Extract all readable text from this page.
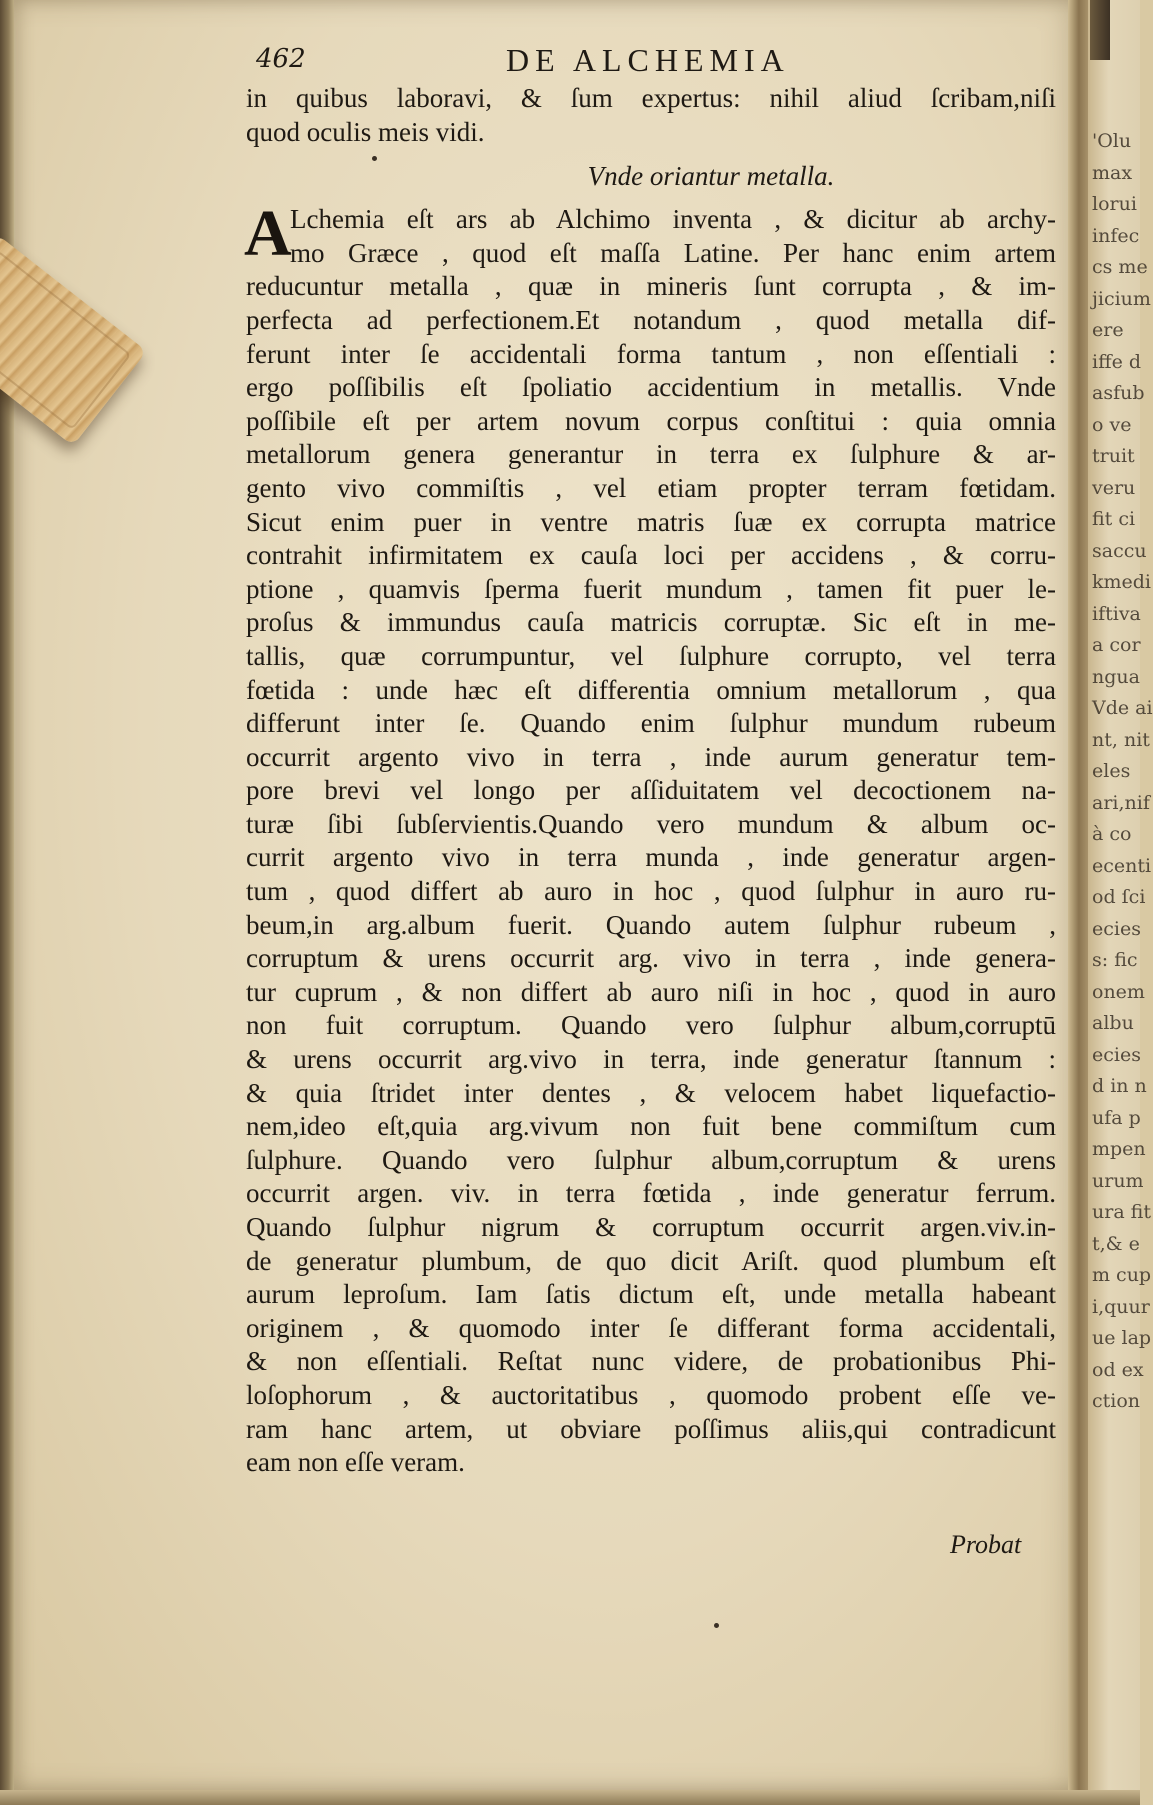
'Olu
max
lorui
infec
cs me
jicium
ere
iffe d
asfub
o ve
truit
veru
fit ci
saccu
kmedi
iftiva
a cor
ngua
Vde ai
nt, nit
eles
ari,nif
à co
ecenti
od ſci
ecies
s: fic
onem
albu
ecies
d in n
ufa p
mpen
urum
ura fit
t,& e
m cup
i,quur
ue lap
od ex
ction
462	DE ALCHEMIA
in quibus laboravi, & ſum expertus: nihil aliud ſcribam,niſi
quod oculis meis vidi.
Vnde oriantur metalla.
A
Lchemia eſt ars ab Alchimo inventa , & dicitur ab archy-
mo Græce , quod eſt maſſa Latine. Per hanc enim artem
reducuntur metalla , quæ in mineris ſunt corrupta , & im-
perfecta ad perfectionem.Et notandum , quod metalla dif-
ferunt inter ſe accidentali forma tantum , non eſſentiali :
ergo poſſibilis eſt ſpoliatio accidentium in metallis. Vnde
poſſibile eſt per artem novum corpus conſtitui : quia omnia
metallorum genera generantur in terra ex ſulphure & ar-
gento vivo commiſtis , vel etiam propter terram fœtidam.
Sicut enim puer in ventre matris ſuæ ex corrupta matrice
contrahit infirmitatem ex cauſa loci per accidens , & corru-
ptione , quamvis ſperma fuerit mundum , tamen fit puer le-
proſus & immundus cauſa matricis corruptæ. Sic eſt in me-
tallis, quæ corrumpuntur, vel ſulphure corrupto, vel terra
fœtida : unde hæc eſt differentia omnium metallorum , qua
differunt inter ſe. Quando enim ſulphur mundum rubeum
occurrit argento vivo in terra , inde aurum generatur tem-
pore brevi vel longo per aſſiduitatem vel decoctionem na-
turæ ſibi ſubſervientis.Quando vero mundum & album oc-
currit argento vivo in terra munda , inde generatur argen-
tum , quod differt ab auro in hoc , quod ſulphur in auro ru-
beum,in arg.album fuerit. Quando autem ſulphur rubeum ,
corruptum & urens occurrit arg. vivo in terra , inde genera-
tur cuprum , & non differt ab auro niſi in hoc , quod in auro
non fuit corruptum. Quando vero ſulphur album,corruptū
& urens occurrit arg.vivo in terra, inde generatur ſtannum :
& quia ſtridet inter dentes , & velocem habet liquefactio-
nem,ideo eſt,quia arg.vivum non fuit bene commiſtum cum
ſulphure. Quando vero ſulphur album,corruptum & urens
occurrit argen. viv. in terra fœtida , inde generatur ferrum.
Quando ſulphur nigrum & corruptum occurrit argen.viv.in-
de generatur plumbum, de quo dicit Ariſt. quod plumbum eſt
aurum leproſum. Iam ſatis dictum eſt, unde metalla habeant
originem , & quomodo inter ſe differant forma accidentali,
& non eſſentiali. Reſtat nunc videre, de probationibus Phi-
loſophorum , & auctoritatibus , quomodo probent eſſe ve-
ram hanc artem, ut obviare poſſimus aliis,qui contradicunt
eam non eſſe veram.
Probat
